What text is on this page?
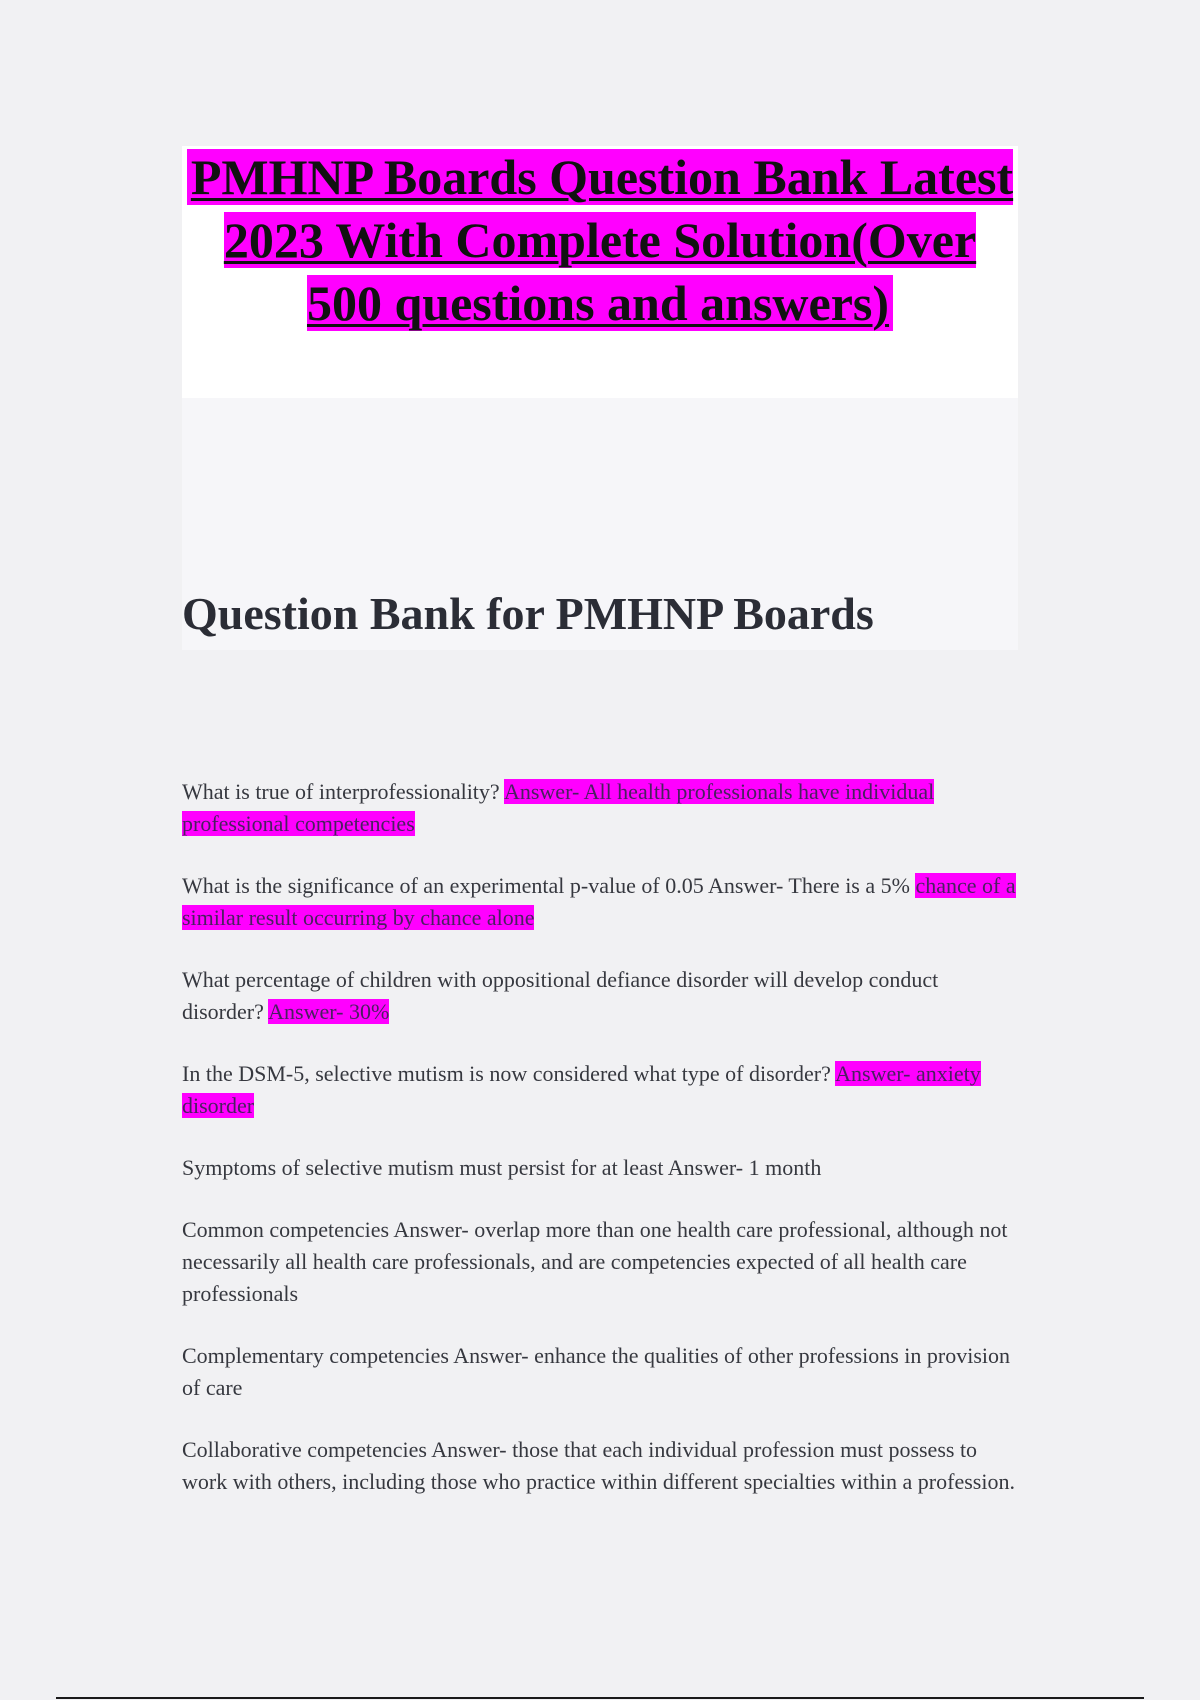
PMHNP Boards Question Bank Latest 2023 With Complete Solution(Over 500 questions and answers)
Question Bank for PMHNP Boards

What is true of interprofessionality? Answer- All health professionals have individual professional competencies

What is the significance of an experimental p-value of 0.05 Answer- There is a 5% chance of a similar result occurring by chance alone

What percentage of children with oppositional defiance disorder will develop conduct disorder? Answer- 30%

In the DSM-5, selective mutism is now considered what type of disorder? Answer- anxiety disorder

Symptoms of selective mutism must persist for at least Answer- 1 month

Common competencies Answer- overlap more than one health care professional, although not necessarily all health care professionals, and are competencies expected of all health care professionals

Complementary competencies Answer- enhance the qualities of other professions in provision of care

Collaborative competencies Answer- those that each individual profession must possess to work with others, including those who practice within different specialties within a profession.
